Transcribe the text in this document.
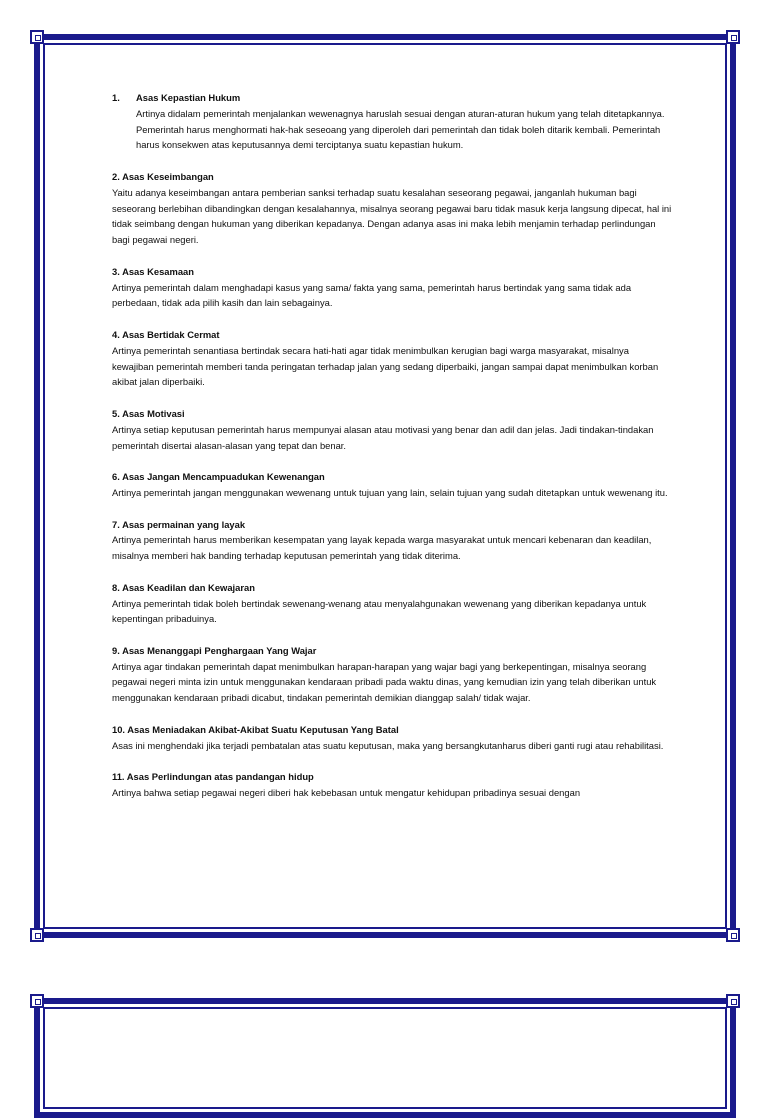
1. Asas Kepastian Hukum

Artinya didalam pemerintah menjalankan wewenagnya haruslah sesuai dengan aturan-aturan hukum yang telah ditetapkannya. Pemerintah harus menghormati hak-hak seseoang yang diperoleh dari pemerintah dan tidak boleh ditarik kembali. Pemerintah harus konsekwen atas keputusannya demi terciptanya suatu kepastian hukum.

2. Asas Keseimbangan

Yaitu adanya keseimbangan antara pemberian sanksi terhadap suatu kesalahan seseorang pegawai, janganlah hukuman bagi seseorang berlebihan dibandingkan dengan kesalahannya, misalnya seorang pegawai baru tidak masuk kerja langsung dipecat, hal ini tidak seimbang dengan hukuman yang diberikan kepadanya. Dengan adanya asas ini maka lebih menjamin terhadap perlindungan bagi pegawai negeri.

3. Asas Kesamaan

Artinya pemerintah dalam menghadapi kasus yang sama/ fakta yang sama, pemerintah harus bertindak yang sama tidak ada perbedaan, tidak ada pilih kasih dan lain sebagainya.

4. Asas Bertidak Cermat

Artinya pemerintah senantiasa bertindak secara hati-hati agar tidak menimbulkan kerugian bagi warga masyarakat, misalnya kewajiban pemerintah memberi tanda peringatan terhadap jalan yang sedang diperbaiki, jangan sampai dapat menimbulkan korban akibat jalan diperbaiki.

5. Asas Motivasi

Artinya setiap keputusan pemerintah harus mempunyai alasan atau motivasi yang benar dan adil dan jelas. Jadi tindakan-tindakan pemerintah disertai alasan-alasan yang tepat dan benar.

6. Asas Jangan Mencampuadukan Kewenangan

Artinya pemerintah jangan menggunakan wewenang untuk tujuan yang lain, selain tujuan yang sudah ditetapkan untuk wewenang itu.

7. Asas permainan yang layak

Artinya pemerintah harus memberikan kesempatan yang layak kepada warga masyarakat untuk mencari kebenaran dan keadilan, misalnya memberi hak banding terhadap keputusan pemerintah yang tidak diterima.

8. Asas Keadilan dan Kewajaran

Artinya pemerintah tidak boleh bertindak sewenang-wenang atau menyalahgunakan wewenang yang diberikan kepadanya untuk kepentingan pribaduinya.

9. Asas Menanggapi Penghargaan Yang Wajar

Artinya agar tindakan pemerintah dapat menimbulkan harapan-harapan yang wajar bagi yang berkepentingan, misalnya seorang pegawai negeri minta izin untuk menggunakan kendaraan pribadi pada waktu dinas, yang kemudian izin yang telah diberikan untuk menggunakan kendaraan pribadi dicabut, tindakan pemerintah demikian dianggap salah/ tidak wajar.

10. Asas Meniadakan Akibat-Akibat Suatu Keputusan Yang Batal

Asas ini menghendaki jika terjadi pembatalan atas suatu keputusan, maka yang bersangkutanharus diberi ganti rugi atau rehabilitasi.

11. Asas Perlindungan atas pandangan hidup

Artinya bahwa setiap pegawai negeri diberi hak kebebasan untuk mengatur kehidupan pribadinya sesuai dengan
